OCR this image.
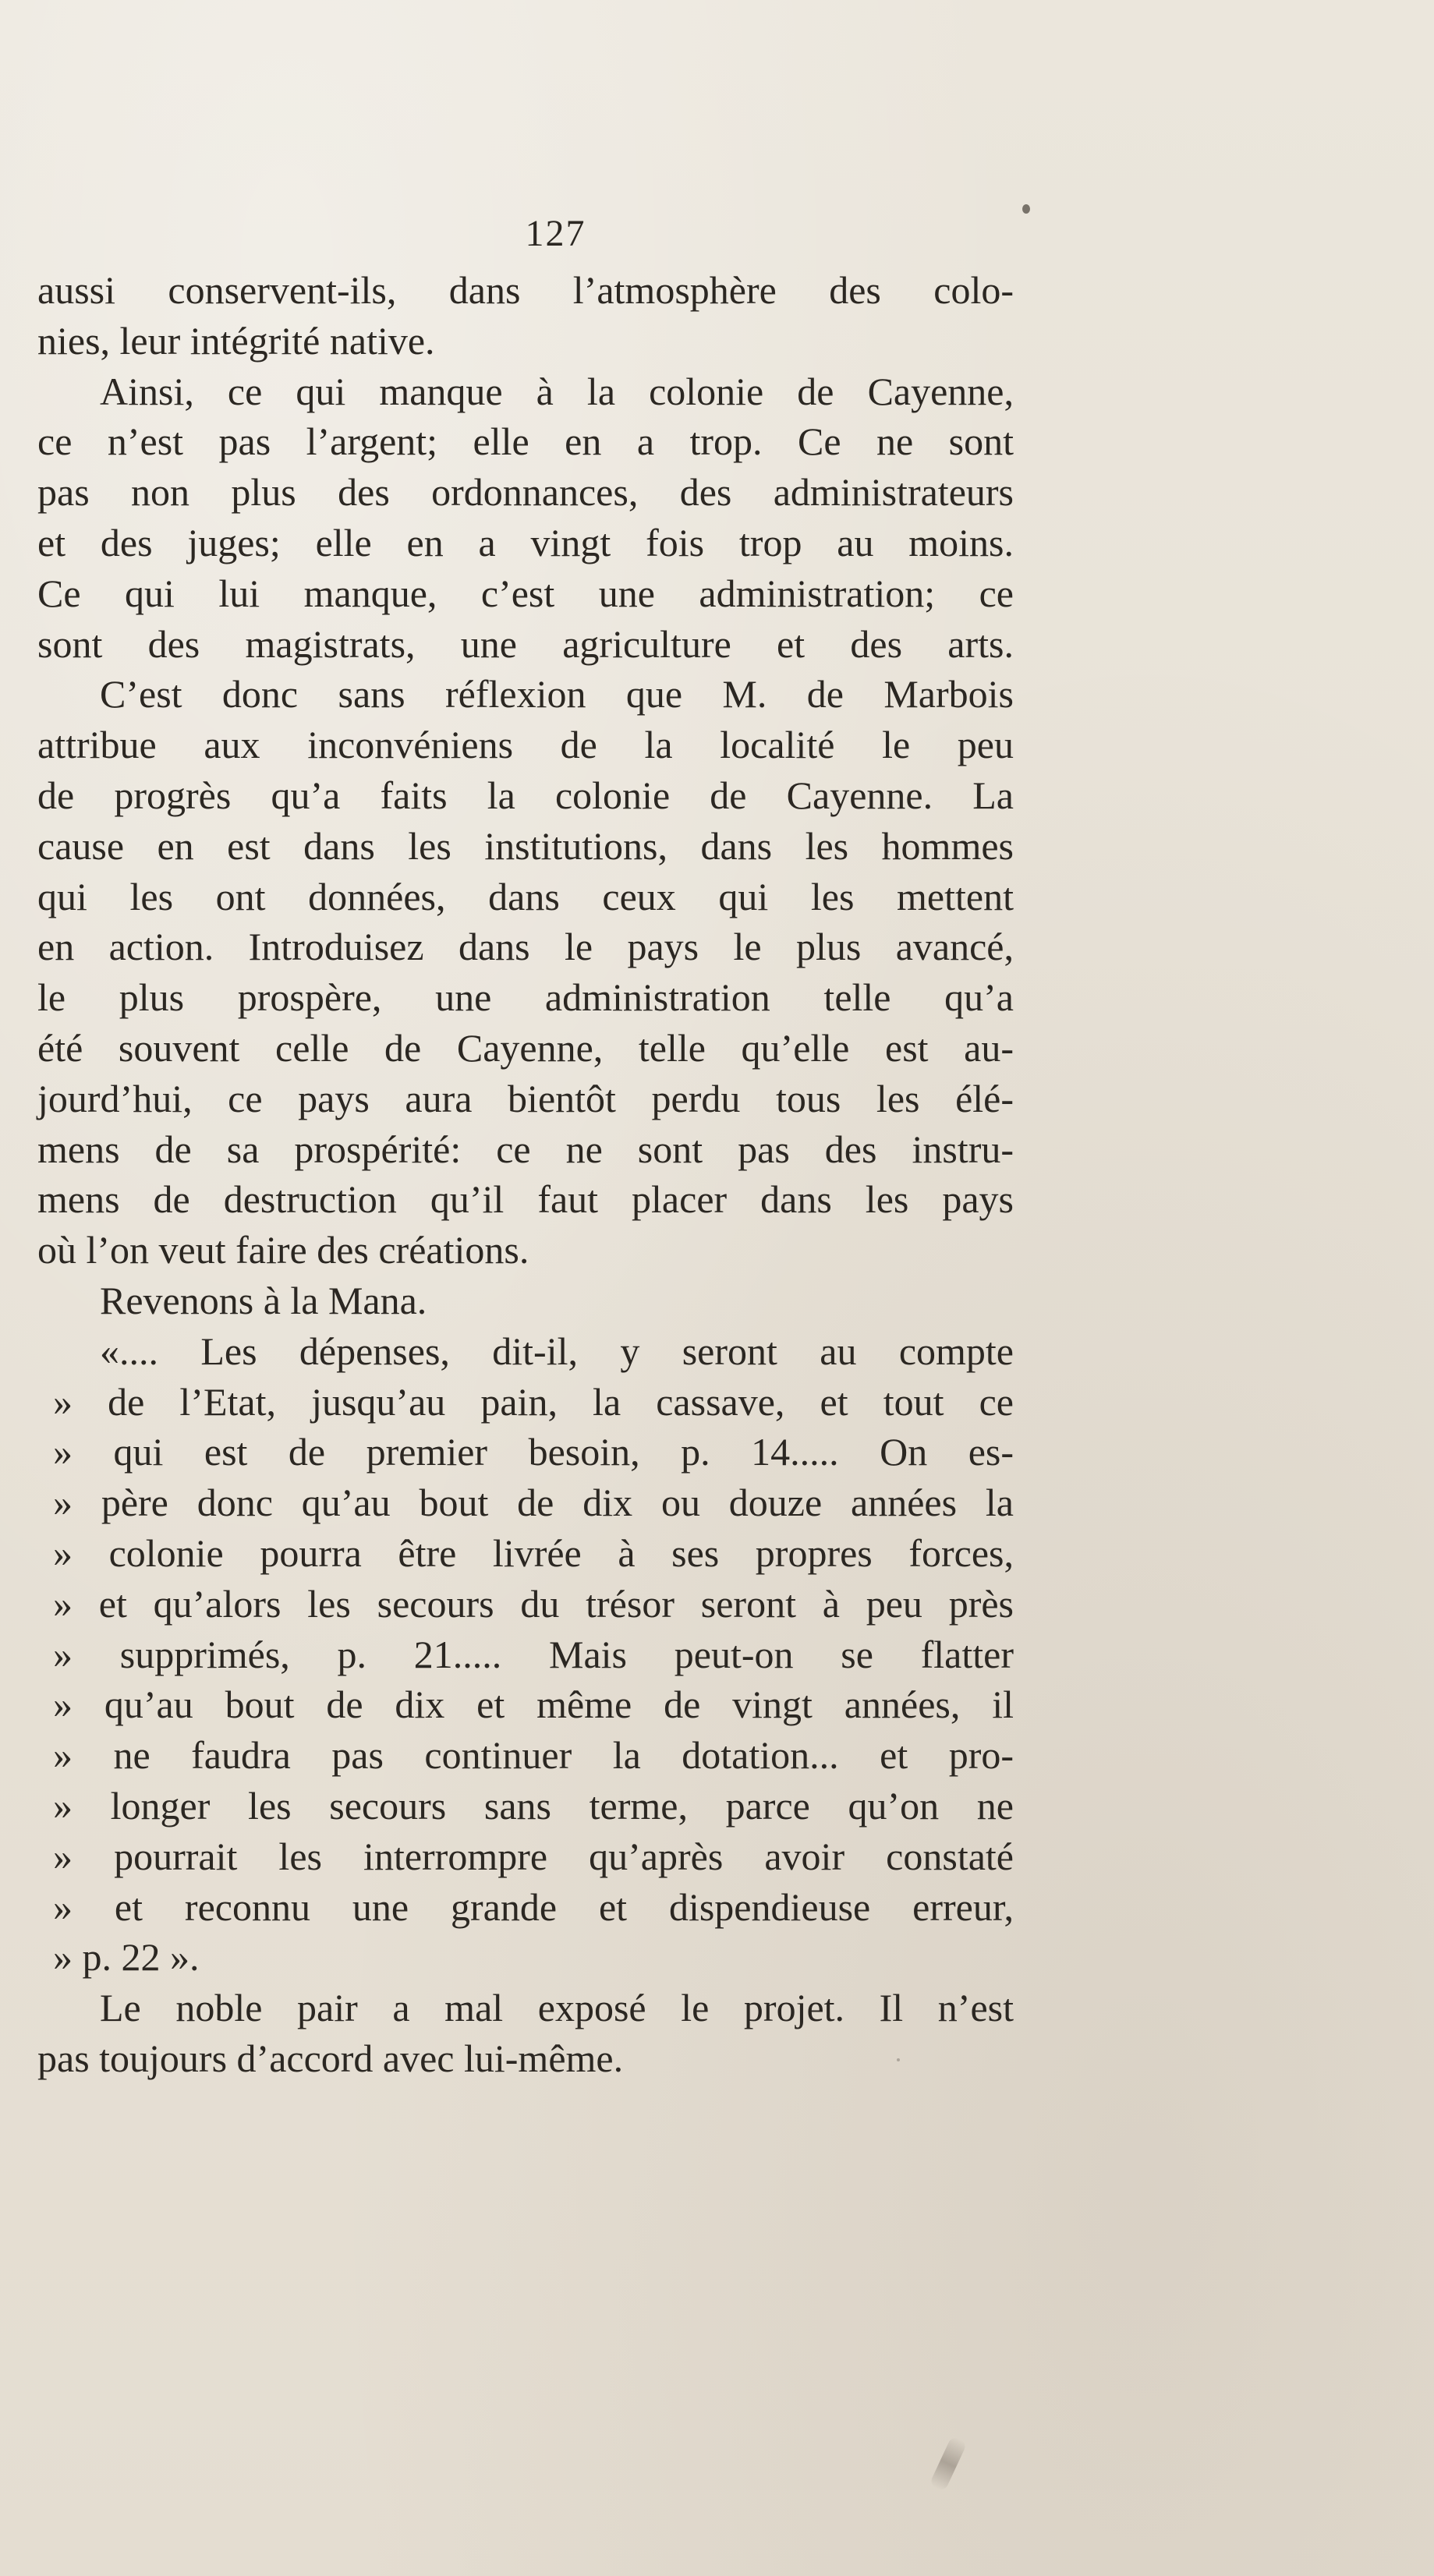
127
aussi conservent-ils, dans l’atmosphère des colo-
nies, leur intégrité native.
Ainsi, ce qui manque à la colonie de Cayenne,
ce n’est pas l’argent; elle en a trop. Ce ne sont
pas non plus des ordonnances, des administrateurs
et des juges; elle en a vingt fois trop au moins.
Ce qui lui manque, c’est une administration; ce
sont des magistrats, une agriculture et des arts.
C’est donc sans réflexion que M. de Marbois
attribue aux inconvéniens de la localité le peu
de progrès qu’a faits la colonie de Cayenne. La
cause en est dans les institutions, dans les hommes
qui les ont données, dans ceux qui les mettent
en action. Introduisez dans le pays le plus avancé,
le plus prospère, une administration telle qu’a
été souvent celle de Cayenne, telle qu’elle est au-
jourd’hui, ce pays aura bientôt perdu tous les élé-
mens de sa prospérité: ce ne sont pas des instru-
mens de destruction qu’il faut placer dans les pays
où l’on veut faire des créations.
Revenons à la Mana.
«.... Les dépenses, dit-il, y seront au compte
» de l’Etat, jusqu’au pain, la cassave, et tout ce
» qui est de premier besoin, p. 14..... On es-
» père donc qu’au bout de dix ou douze années la
» colonie pourra être livrée à ses propres forces,
» et qu’alors les secours du trésor seront à peu près
» supprimés, p. 21..... Mais peut-on se flatter
» qu’au bout de dix et même de vingt années, il
» ne faudra pas continuer la dotation... et pro-
» longer les secours sans terme, parce qu’on ne
» pourrait les interrompre qu’après avoir constaté
» et reconnu une grande et dispendieuse erreur,
» p. 22 ».
Le noble pair a mal exposé le projet. Il n’est
pas toujours d’accord avec lui-même.
